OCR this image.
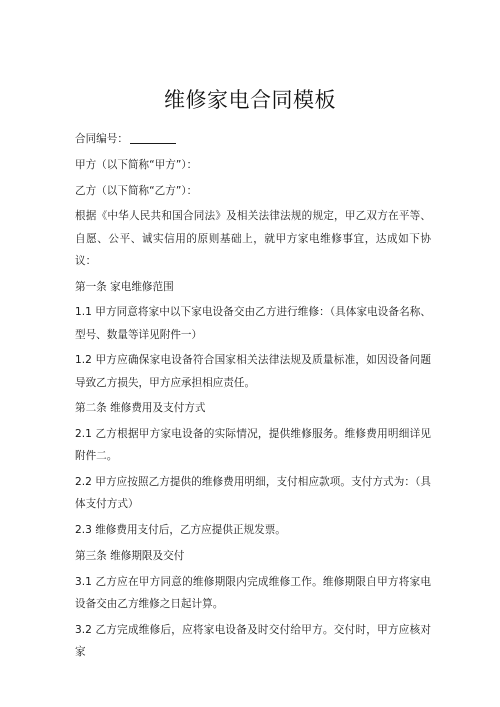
维修家电合同模板

合同编号：

甲方（以下简称“甲方”）：

乙方（以下简称“乙方”）：

根据《中华人民共和国合同法》及相关法律法规的规定，甲乙双方在平等、自愿、公平、诚实信用的原则基础上，就甲方家电维修事宜，达成如下协议：

第一条 家电维修范围

1.1 甲方同意将家中以下家电设备交由乙方进行维修：（具体家电设备名称、型号、数量等详见附件一）

1.2 甲方应确保家电设备符合国家相关法律法规及质量标准，如因设备问题导致乙方损失，甲方应承担相应责任。

第二条 维修费用及支付方式

2.1 乙方根据甲方家电设备的实际情况，提供维修服务。维修费用明细详见附件二。

2.2 甲方应按照乙方提供的维修费用明细，支付相应款项。支付方式为：（具体支付方式）

2.3 维修费用支付后，乙方应提供正规发票。

第三条 维修期限及交付

3.1 乙方应在甲方同意的维修期限内完成维修工作。维修期限自甲方将家电设备交由乙方维修之日起计算。

3.2 乙方完成维修后，应将家电设备及时交付给甲方。交付时，甲方应核对家
